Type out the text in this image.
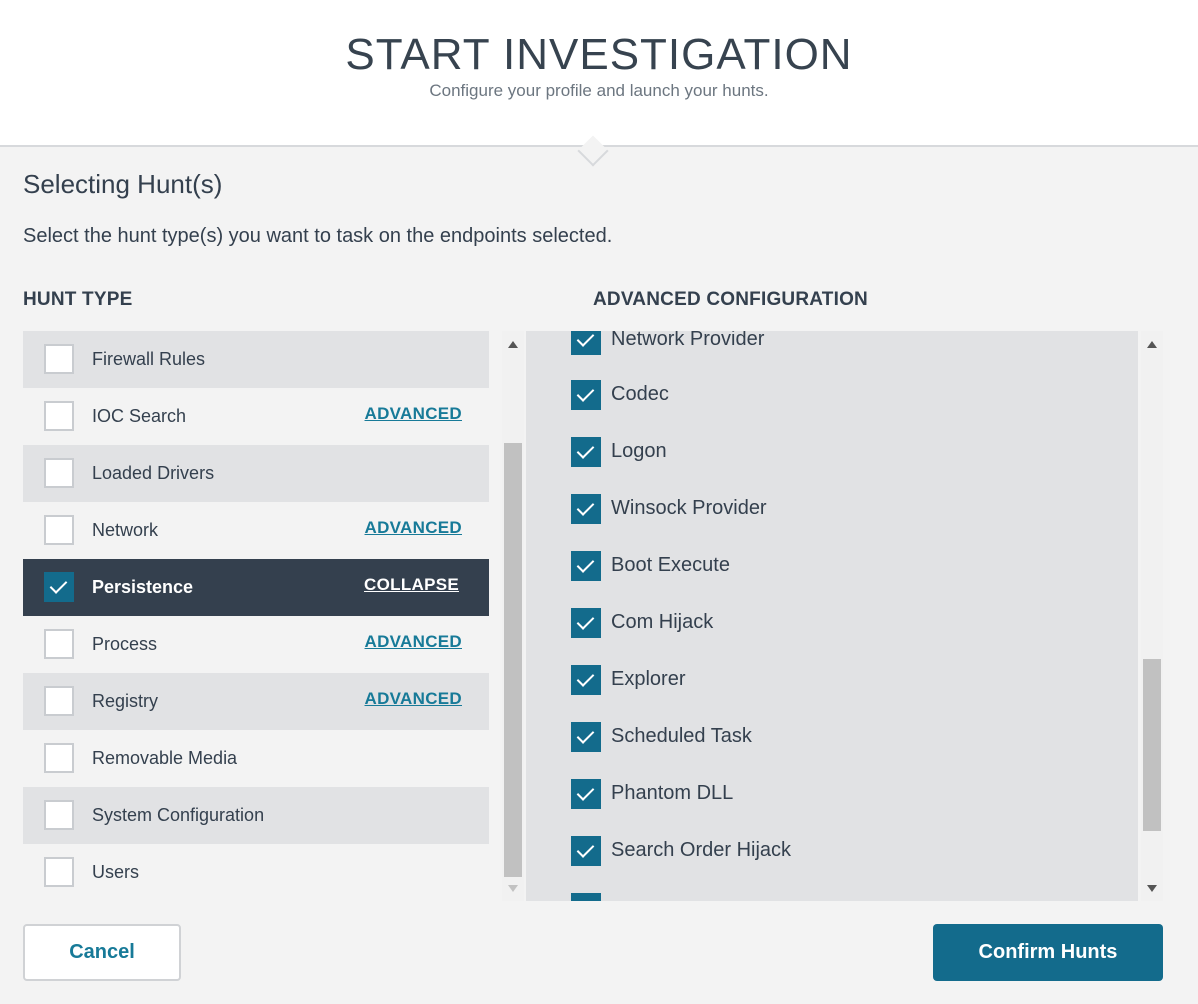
START INVESTIGATION
Configure your profile and launch your hunts.
Selecting Hunt(s)
Select the hunt type(s) you want to task on the endpoints selected.
HUNT TYPE	ADVANCED CONFIGURATION
Firewall Rules
IOC Search	ADVANCED
Loaded Drivers
Network	ADVANCED
Persistence	COLLAPSE
Process	ADVANCED
Registry	ADVANCED
Removable Media
System Configuration
Users
Network Provider
Codec
Logon
Winsock Provider
Boot Execute
Com Hijack
Explorer
Scheduled Task
Phantom DLL
Search Order Hijack
Cancel	Confirm Hunts
